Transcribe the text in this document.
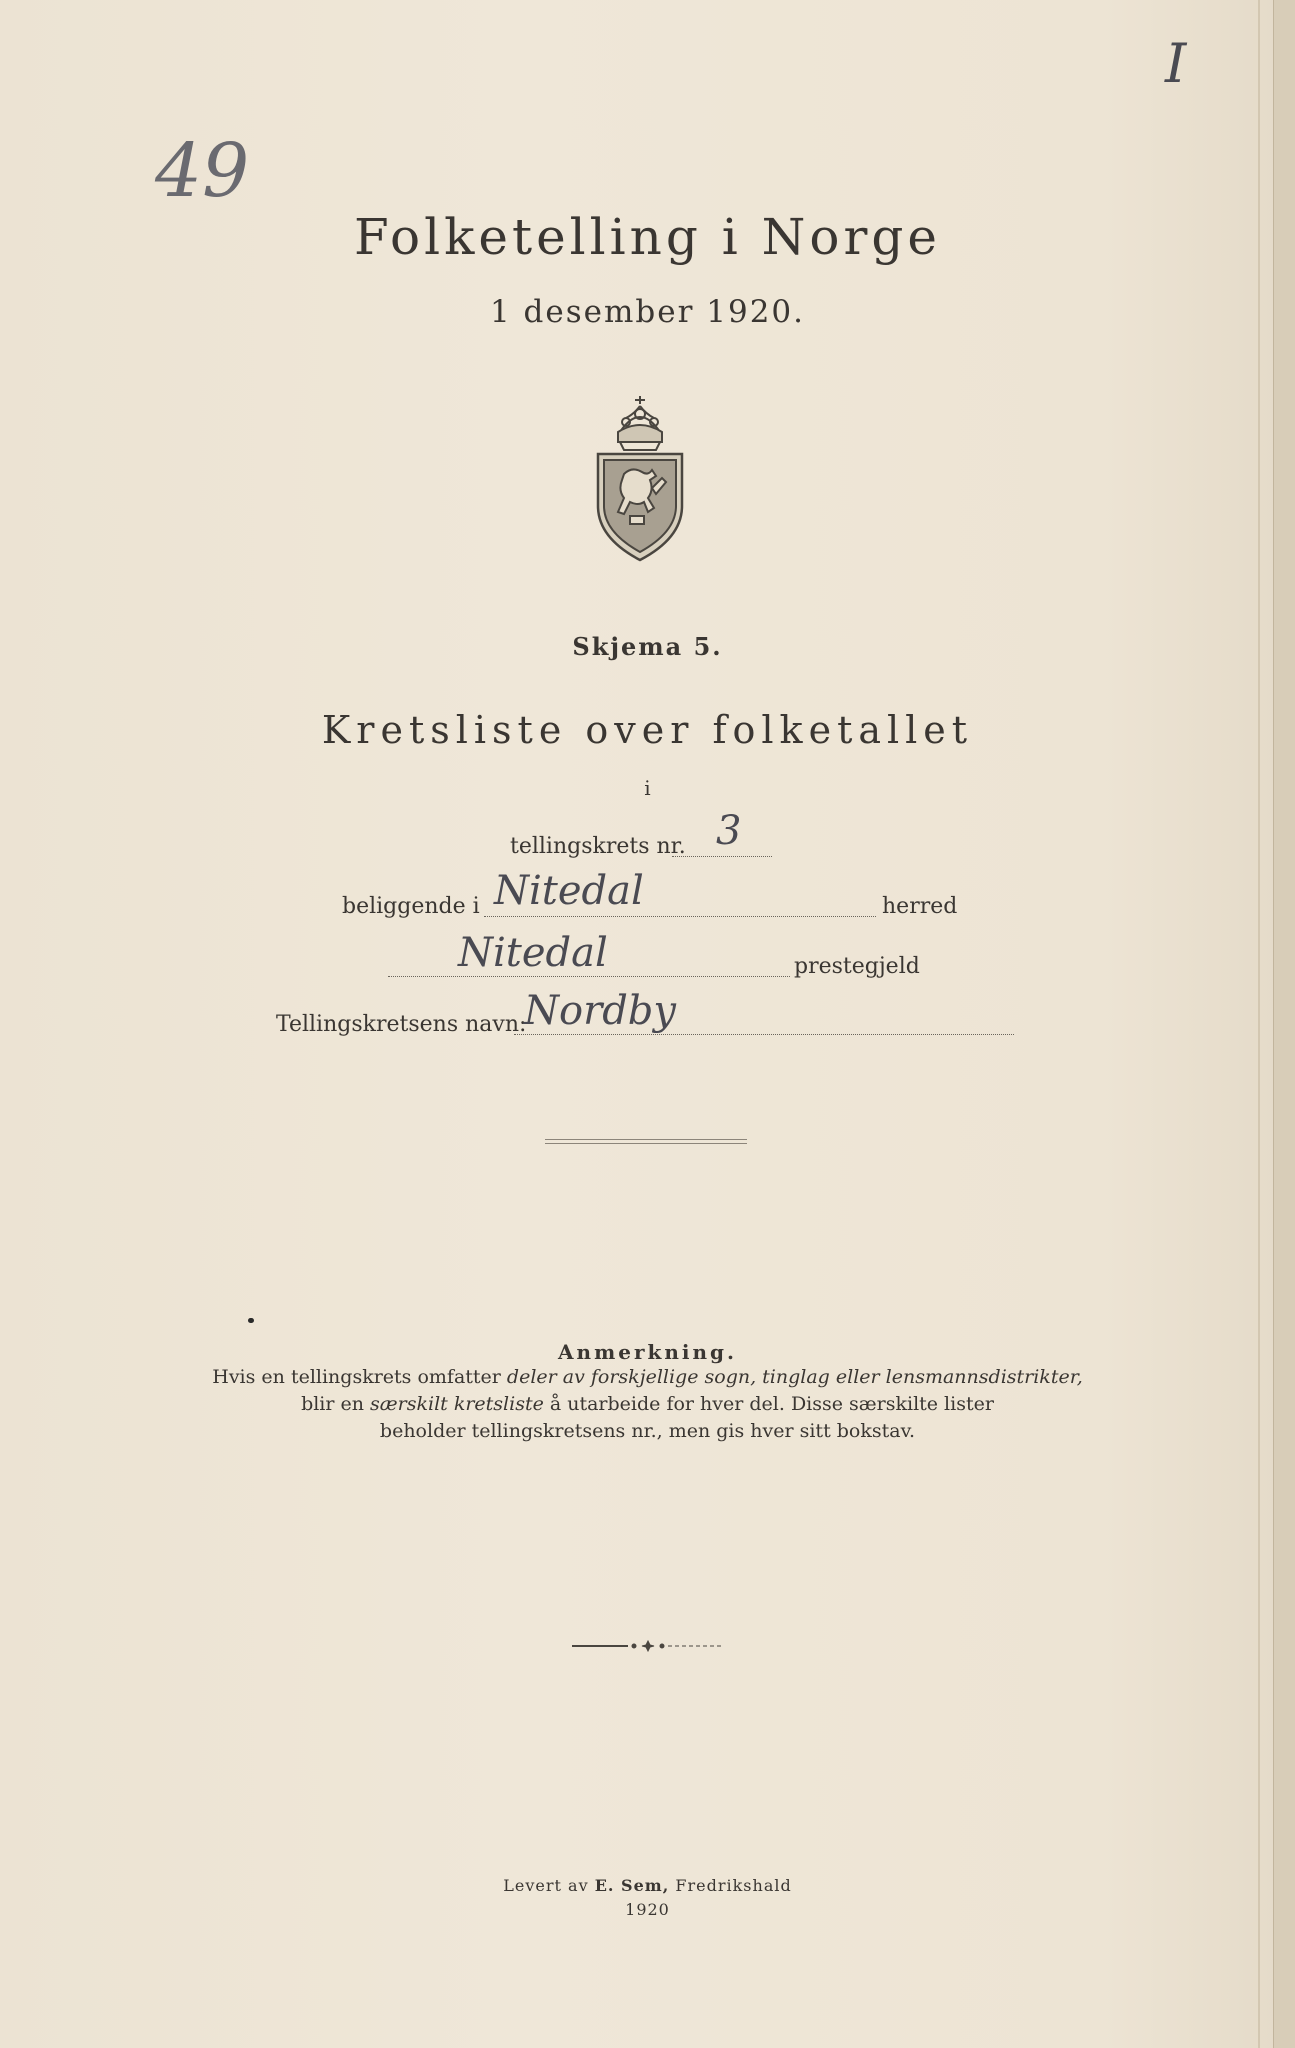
I
49
Folketelling i Norge
1 desember 1920.
Skjema 5.
Kretsliste over folketallet
i
tellingskrets nr. 3
beliggende i Nitedal	herred
Nitedal	prestegjeld
Tellingskretsens navn:
Nordby
Anmerkning.
Hvis en tellingskrets omfatter deler av forskjellige sogn, tinglag eller lensmannsdistrikter,
blir en særskilt kretsliste å utarbeide for hver del. Disse særskilte lister
beholder tellingskretsens nr., men gis hver sitt bokstav.
Levert av E. Sem, Fredrikshald
1920
